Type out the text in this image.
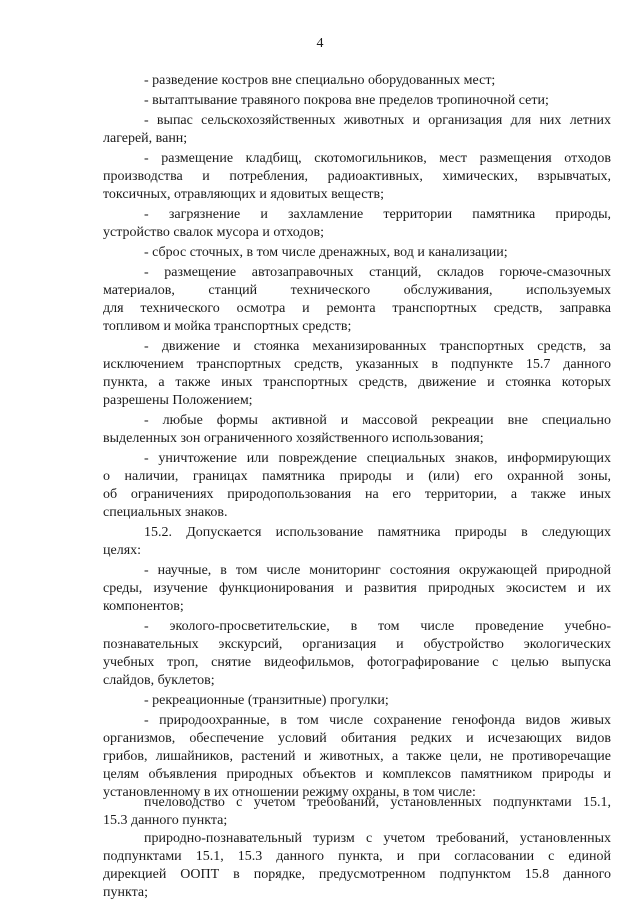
4
- разведение костров вне специально оборудованных мест;
- вытаптывание травяного покрова вне пределов тропиночной сети;
- выпас сельскохозяйственных животных и организация для них летних
лагерей, ванн;
- размещение кладбищ, скотомогильников, мест размещения отходов
производства и потребления, радиоактивных, химических, взрывчатых,
токсичных, отравляющих и ядовитых веществ;
- загрязнение и захламление территории памятника природы,
устройство свалок мусора и отходов;
- сброс сточных, в том числе дренажных, вод и канализации;
- размещение автозаправочных станций, складов горюче-смазочных
материалов, станций технического обслуживания, используемых
для технического осмотра и ремонта транспортных средств, заправка
топливом и мойка транспортных средств;
- движение и стоянка механизированных транспортных средств, за
исключением транспортных средств, указанных в подпункте 15.7 данного
пункта, а также иных транспортных средств, движение и стоянка которых
разрешены Положением;
- любые формы активной и массовой рекреации вне специально
выделенных зон ограниченного хозяйственного использования;
- уничтожение или повреждение специальных знаков, информирующих
о наличии, границах памятника природы и (или) его охранной зоны,
об ограничениях природопользования на его территории, а также иных
специальных знаков.
15.2. Допускается использование памятника природы в следующих
целях:
- научные, в том числе мониторинг состояния окружающей природной
среды, изучение функционирования и развития природных экосистем и их
компонентов;
- эколого-просветительские, в том числе проведение учебно-
познавательных экскурсий, организация и обустройство экологических
учебных троп, снятие видеофильмов, фотографирование с целью выпуска
слайдов, буклетов;
- рекреационные (транзитные) прогулки;
- природоохранные, в том числе сохранение генофонда видов живых
организмов, обеспечение условий обитания редких и исчезающих видов
грибов, лишайников, растений и животных, а также цели, не противоречащие
целям объявления природных объектов и комплексов памятником природы и
установленному в их отношении режиму охраны, в том числе:
пчеловодство с учетом требований, установленных подпунктами 15.1,
15.3 данного пункта;
природно-познавательный туризм с учетом требований, установленных
подпунктами 15.1, 15.3 данного пункта, и при согласовании с единой
дирекцией ООПТ в порядке, предусмотренном подпунктом 15.8 данного
пункта;
